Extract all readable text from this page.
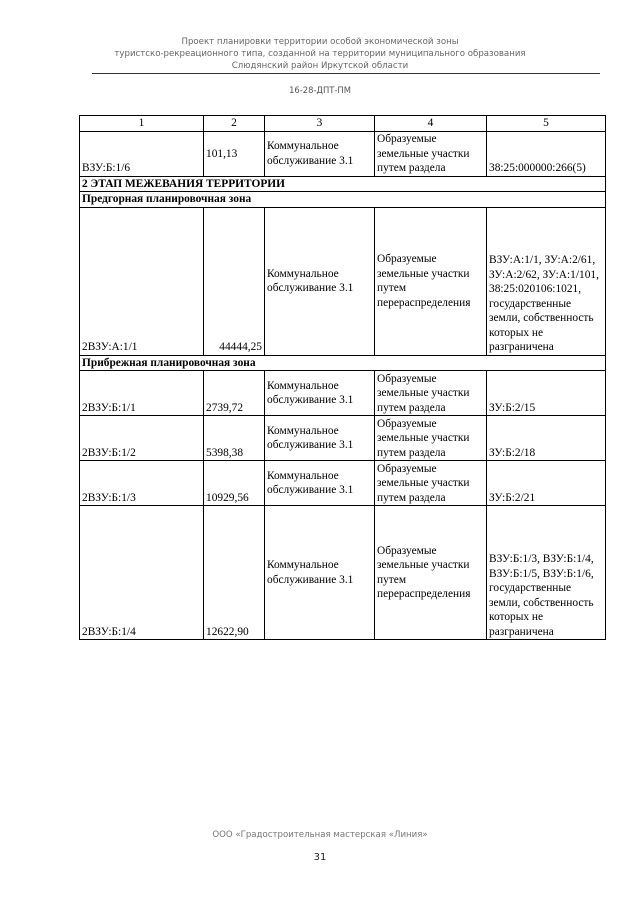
Проект планировки территории особой экономической зоны
туристско-рекреационного типа, созданной на территории муниципального образования
Слюдянский район Иркутской области
16-28-ДПТ-ПМ
1	2	3	4	5
ВЗУ:Б:1/6	101,13	Коммунальное обслуживание 3.1	Образуемые земельные участки путем раздела	38:25:000000:266(5)
2 ЭТАП МЕЖЕВАНИЯ ТЕРРИТОРИИ				
Предгорная планировочная зона				
2ВЗУ:А:1/1	44444,25	Коммунальное обслуживание 3.1	Образуемые земельные участки путем перераспределения	ВЗУ:А:1/1, ЗУ:А:2/61, ЗУ:А:2/62, ЗУ:А:1/101, 38:25:020106:1021, государственные земли, собственность которых не разграничена
Прибрежная планировочная зона				
2ВЗУ:Б:1/1	2739,72	Коммунальное обслуживание 3.1	Образуемые земельные участки путем раздела	ЗУ:Б:2/15
2ВЗУ:Б:1/2	5398,38	Коммунальное обслуживание 3.1	Образуемые земельные участки путем раздела	ЗУ:Б:2/18
2ВЗУ:Б:1/3	10929,56	Коммунальное обслуживание 3.1	Образуемые земельные участки путем раздела	ЗУ:Б:2/21
2ВЗУ:Б:1/4	12622,90	Коммунальное обслуживание 3.1	Образуемые земельные участки путем перераспределения	ВЗУ:Б:1/3, ВЗУ:Б:1/4, ВЗУ:Б:1/5, ВЗУ:Б:1/6, государственные земли, собственность которых не разграничена
ООО «Градостроительная мастерская «Линия»
31
